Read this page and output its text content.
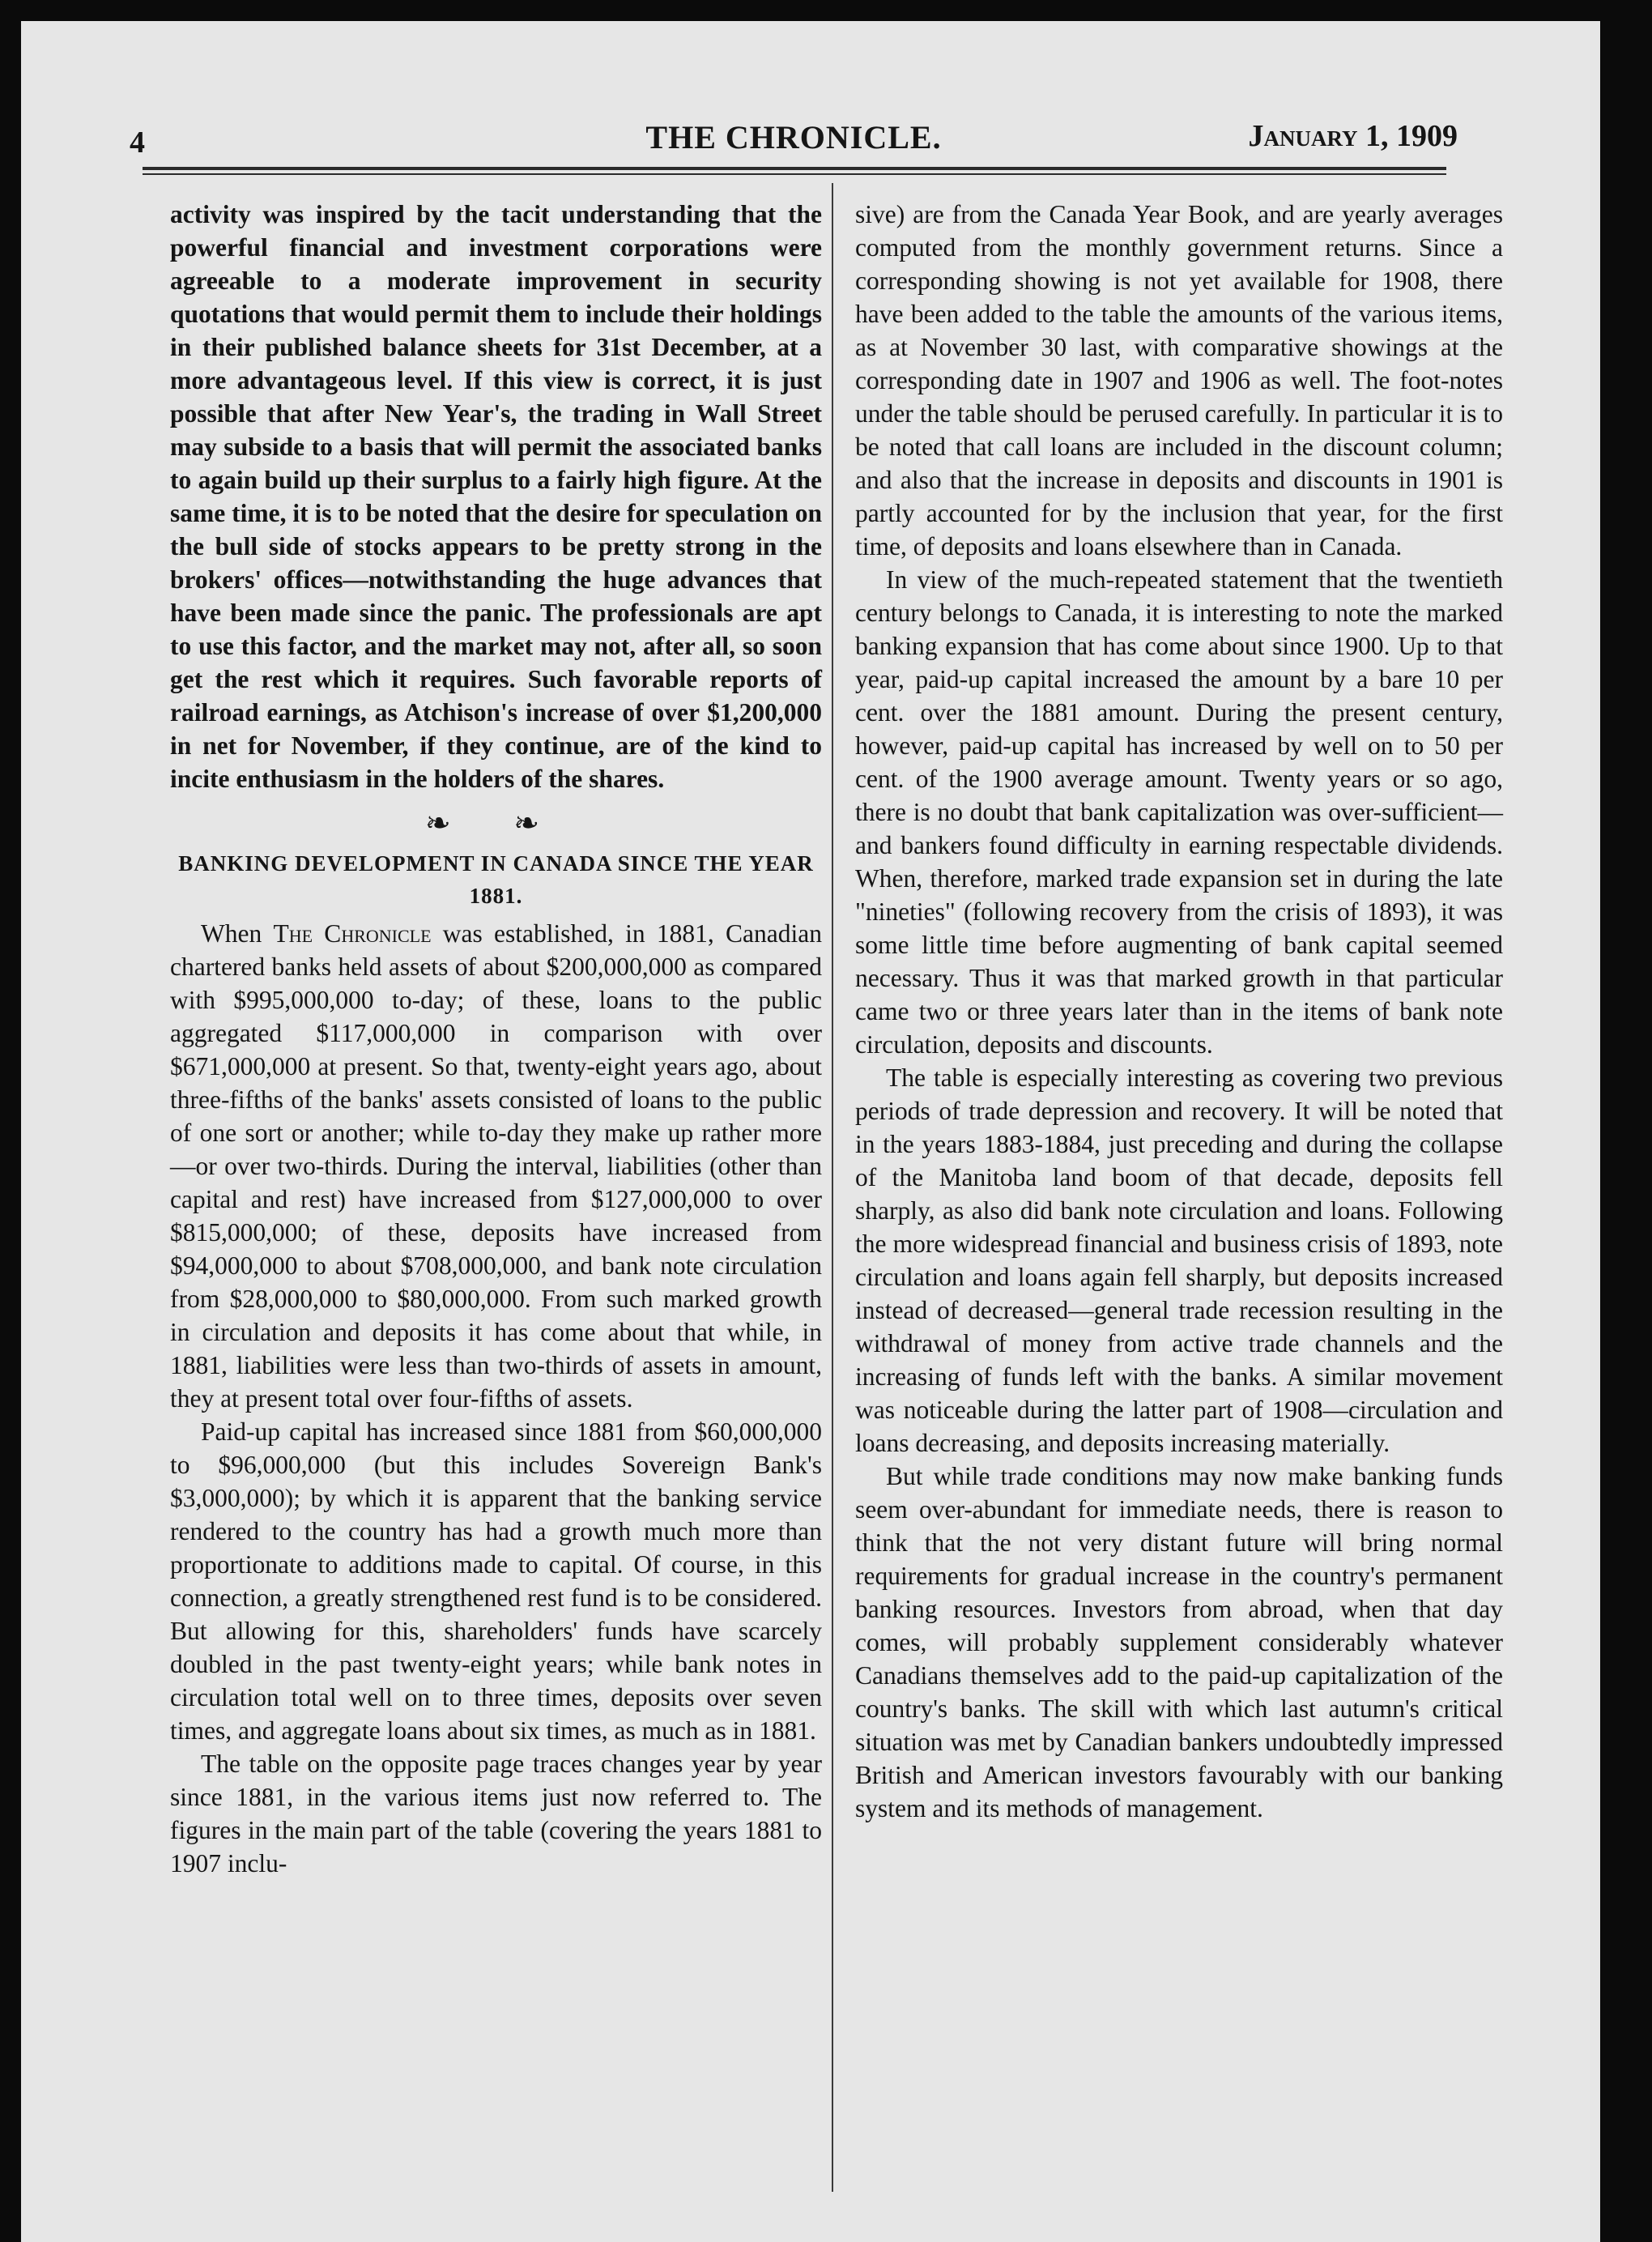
4	THE CHRONICLE.	January 1, 1909

activity was inspired by the tacit understanding that the powerful financial and investment corporations were agreeable to a moderate improvement in security quotations that would permit them to include their holdings in their published balance sheets for 31st December, at a more advantageous level. If this view is correct, it is just possible that after New Year's, the trading in Wall Street may subside to a basis that will permit the associated banks to again build up their surplus to a fairly high figure. At the same time, it is to be noted that the desire for speculation on the bull side of stocks appears to be pretty strong in the brokers' offices—notwithstanding the huge advances that have been made since the panic. The professionals are apt to use this factor, and the market may not, after all, so soon get the rest which it requires. Such favorable reports of railroad earnings, as Atchison's increase of over $1,200,000 in net for November, if they continue, are of the kind to incite enthusiasm in the holders of the shares.

❧ ❧
BANKING DEVELOPMENT IN CANADA SINCE THE YEAR 1881.

When The Chronicle was established, in 1881, Canadian chartered banks held assets of about $200,000,000 as compared with $995,000,000 to-day; of these, loans to the public aggregated $117,000,000 in comparison with over $671,000,000 at present. So that, twenty-eight years ago, about three-fifths of the banks' assets consisted of loans to the public of one sort or another; while to-day they make up rather more—or over two-thirds. During the interval, liabilities (other than capital and rest) have increased from $127,000,000 to over $815,000,000; of these, deposits have increased from $94,000,000 to about $708,000,000, and bank note circulation from $28,000,000 to $80,000,000. From such marked growth in circulation and deposits it has come about that while, in 1881, liabilities were less than two-thirds of assets in amount, they at present total over four-fifths of assets.

Paid-up capital has increased since 1881 from $60,000,000 to $96,000,000 (but this includes Sovereign Bank's $3,000,000); by which it is apparent that the banking service rendered to the country has had a growth much more than proportionate to additions made to capital. Of course, in this connection, a greatly strengthened rest fund is to be considered. But allowing for this, shareholders' funds have scarcely doubled in the past twenty-eight years; while bank notes in circulation total well on to three times, deposits over seven times, and aggregate loans about six times, as much as in 1881.

The table on the opposite page traces changes year by year since 1881, in the various items just now referred to. The figures in the main part of the table (covering the years 1881 to 1907 inclu-

sive) are from the Canada Year Book, and are yearly averages computed from the monthly government returns. Since a corresponding showing is not yet available for 1908, there have been added to the table the amounts of the various items, as at November 30 last, with comparative showings at the corresponding date in 1907 and 1906 as well. The foot-notes under the table should be perused carefully. In particular it is to be noted that call loans are included in the discount column; and also that the increase in deposits and discounts in 1901 is partly accounted for by the inclusion that year, for the first time, of deposits and loans elsewhere than in Canada.

In view of the much-repeated statement that the twentieth century belongs to Canada, it is interesting to note the marked banking expansion that has come about since 1900. Up to that year, paid-up capital increased the amount by a bare 10 per cent. over the 1881 amount. During the present century, however, paid-up capital has increased by well on to 50 per cent. of the 1900 average amount. Twenty years or so ago, there is no doubt that bank capitalization was over-sufficient—and bankers found difficulty in earning respectable dividends. When, therefore, marked trade expansion set in during the late "nineties" (following recovery from the crisis of 1893), it was some little time before augmenting of bank capital seemed necessary. Thus it was that marked growth in that particular came two or three years later than in the items of bank note circulation, deposits and discounts.

The table is especially interesting as covering two previous periods of trade depression and recovery. It will be noted that in the years 1883-1884, just preceding and during the collapse of the Manitoba land boom of that decade, deposits fell sharply, as also did bank note circulation and loans. Following the more widespread financial and business crisis of 1893, note circulation and loans again fell sharply, but deposits increased instead of decreased—general trade recession resulting in the withdrawal of money from active trade channels and the increasing of funds left with the banks. A similar movement was noticeable during the latter part of 1908—circulation and loans decreasing, and deposits increasing materially.

But while trade conditions may now make banking funds seem over-abundant for immediate needs, there is reason to think that the not very distant future will bring normal requirements for gradual increase in the country's permanent banking resources. Investors from abroad, when that day comes, will probably supplement considerably whatever Canadians themselves add to the paid-up capitalization of the country's banks. The skill with which last autumn's critical situation was met by Canadian bankers undoubtedly impressed British and American investors favourably with our banking system and its methods of management.
